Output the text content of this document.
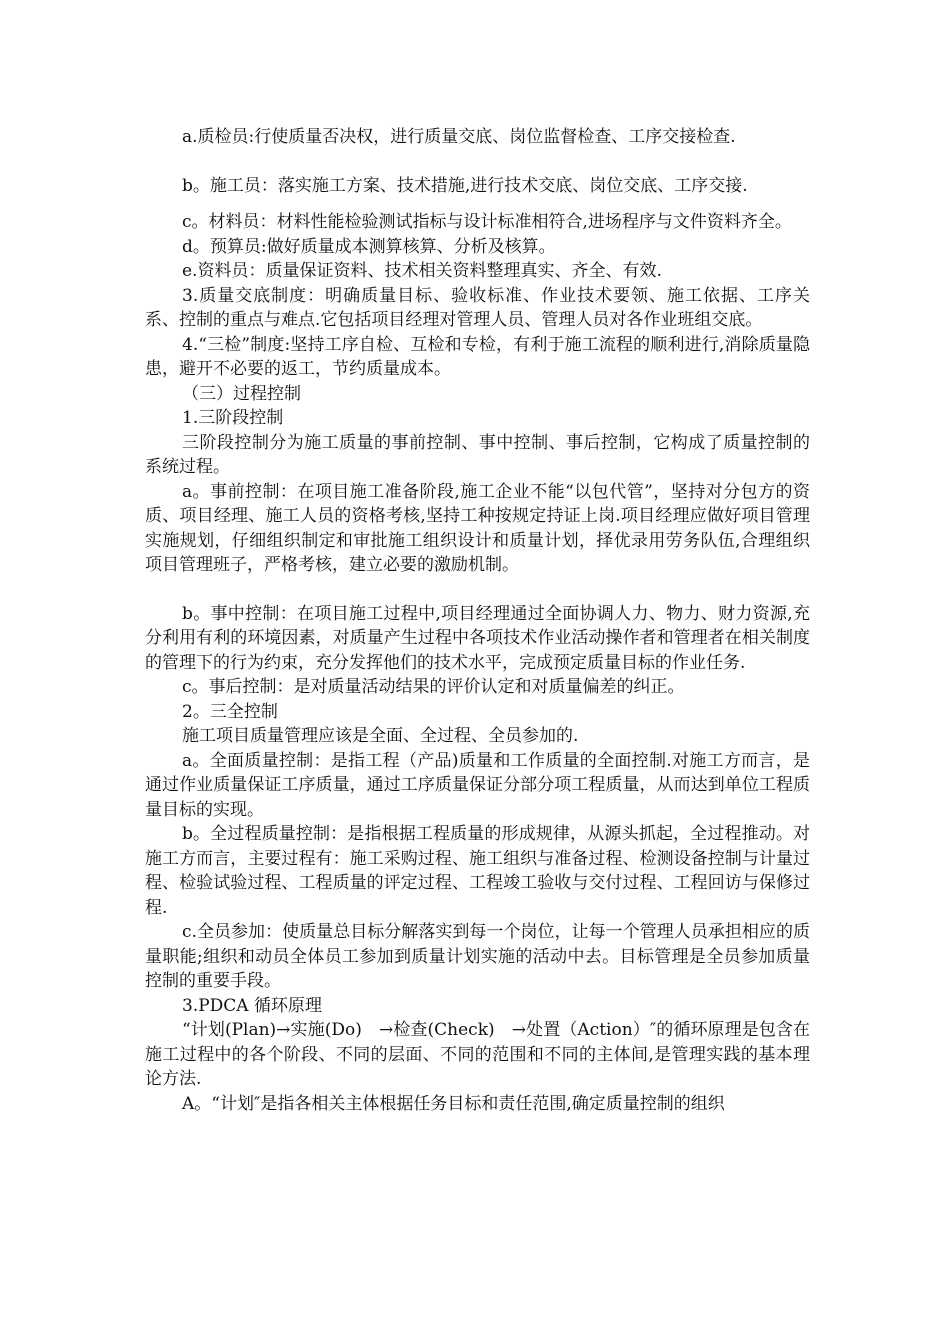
a.质检员:行使质量否决权，进行质量交底、岗位监督检查、工序交接检查.

b。施工员：落实施工方案、技术措施,进行技术交底、岗位交底、工序交接.

c。材料员：材料性能检验测试指标与设计标准相符合,进场程序与文件资料齐全。

d。预算员:做好质量成本测算核算、分析及核算。

e.资料员：质量保证资料、技术相关资料整理真实、齐全、有效.

3.质量交底制度：明确质量目标、验收标准、作业技术要领、施工依据、工序关系、控制的重点与难点.它包括项目经理对管理人员、管理人员对各作业班组交底。

4.“三检”制度:坚持工序自检、互检和专检，有利于施工流程的顺利进行,消除质量隐患，避开不必要的返工，节约质量成本。

（三）过程控制

1.三阶段控制

三阶段控制分为施工质量的事前控制、事中控制、事后控制，它构成了质量控制的系统过程。

a。事前控制：在项目施工准备阶段,施工企业不能“以包代管”，坚持对分包方的资质、项目经理、施工人员的资格考核,坚持工种按规定持证上岗.项目经理应做好项目管理实施规划，仔细组织制定和审批施工组织设计和质量计划，择优录用劳务队伍,合理组织项目管理班子，严格考核，建立必要的激励机制。

b。事中控制：在项目施工过程中,项目经理通过全面协调人力、物力、财力资源,充分利用有利的环境因素，对质量产生过程中各项技术作业活动操作者和管理者在相关制度的管理下的行为约束，充分发挥他们的技术水平，完成预定质量目标的作业任务.

c。事后控制：是对质量活动结果的评价认定和对质量偏差的纠正。

2。三全控制

施工项目质量管理应该是全面、全过程、全员参加的.

a。全面质量控制：是指工程（产品)质量和工作质量的全面控制.对施工方而言，是通过作业质量保证工序质量，通过工序质量保证分部分项工程质量，从而达到单位工程质量目标的实现。

b。全过程质量控制：是指根据工程质量的形成规律，从源头抓起，全过程推动。对施工方而言，主要过程有：施工采购过程、施工组织与准备过程、检测设备控制与计量过程、检验试验过程、工程质量的评定过程、工程竣工验收与交付过程、工程回访与保修过程.

c.全员参加：使质量总目标分解落实到每一个岗位，让每一个管理人员承担相应的质量职能;组织和动员全体员工参加到质量计划实施的活动中去。目标管理是全员参加质量控制的重要手段。

3.PDCA 循环原理

“计划(Plan)→实施(Do)　→检查(Check)　→处置（Action）″的循环原理是包含在施工过程中的各个阶段、不同的层面、不同的范围和不同的主体间,是管理实践的基本理论方法.

A。“计划″是指各相关主体根据任务目标和责任范围,确定质量控制的组织
